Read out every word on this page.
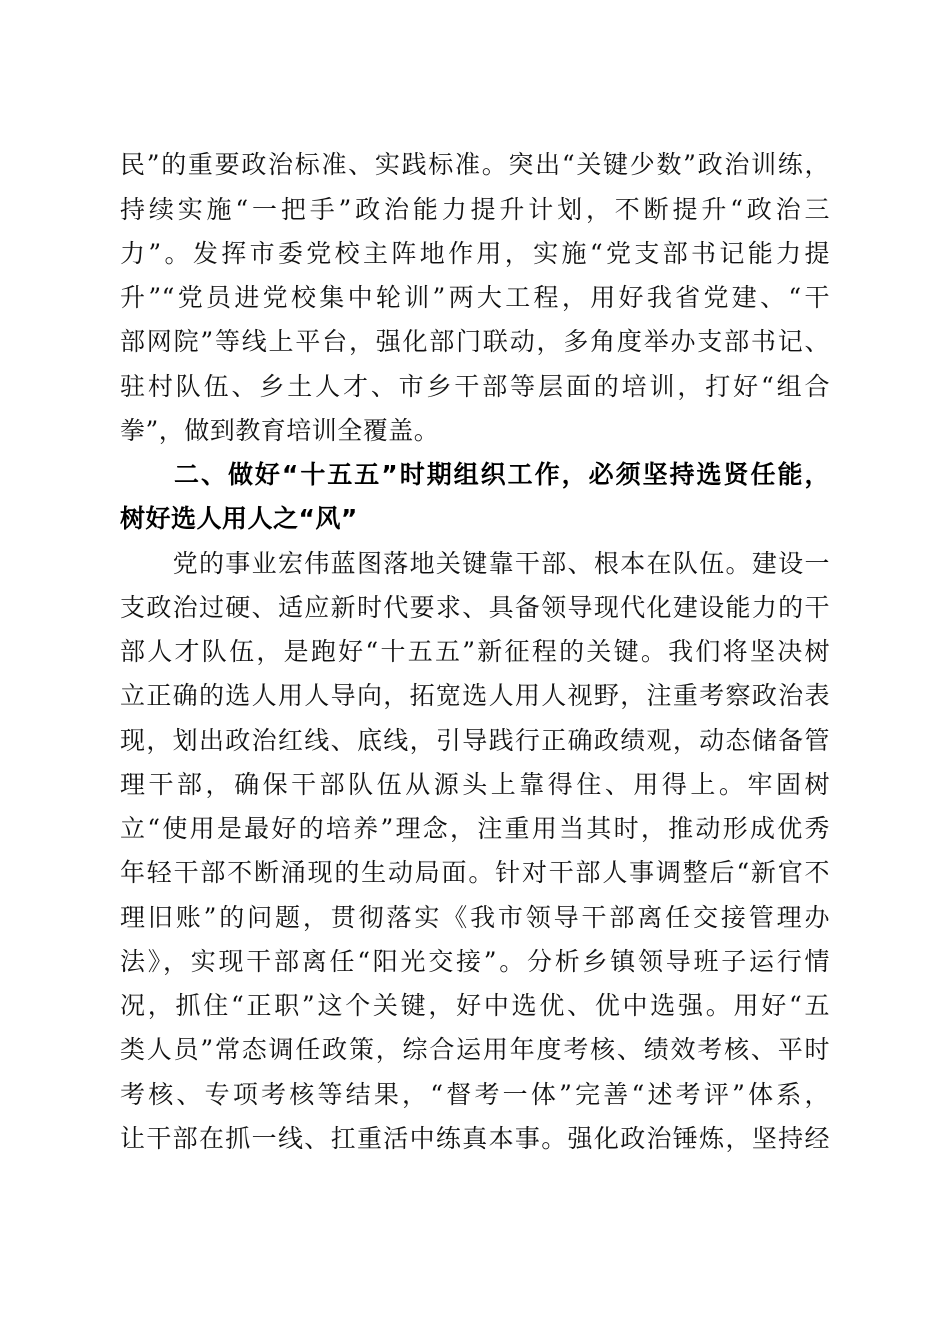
民”的重要政治标准、实践标准。突出“关键少数”政治训练，
持续实施“一把手”政治能力提升计划，不断提升“政治三
力”。发挥市委党校主阵地作用，实施“党支部书记能力提
升”“党员进党校集中轮训”两大工程，用好我省党建、“干
部网院”等线上平台，强化部门联动，多角度举办支部书记、
驻村队伍、乡土人才、市乡干部等层面的培训，打好“组合
拳”，做到教育培训全覆盖。
　　二、做好“十五五”时期组织工作，必须坚持选贤任能，
树好选人用人之“风”
　　党的事业宏伟蓝图落地关键靠干部、根本在队伍。建设一
支政治过硬、适应新时代要求、具备领导现代化建设能力的干
部人才队伍，是跑好“十五五”新征程的关键。我们将坚决树
立正确的选人用人导向，拓宽选人用人视野，注重考察政治表
现，划出政治红线、底线，引导践行正确政绩观，动态储备管
理干部，确保干部队伍从源头上靠得住、用得上。牢固树
立“使用是最好的培养”理念，注重用当其时，推动形成优秀
年轻干部不断涌现的生动局面。针对干部人事调整后“新官不
理旧账”的问题，贯彻落实《我市领导干部离任交接管理办
法》，实现干部离任“阳光交接”。分析乡镇领导班子运行情
况，抓住“正职”这个关键，好中选优、优中选强。用好“五
类人员”常态调任政策，综合运用年度考核、绩效考核、平时
考核、专项考核等结果，“督考一体”完善“述考评”体系，
让干部在抓一线、扛重活中练真本事。强化政治锤炼，坚持经
